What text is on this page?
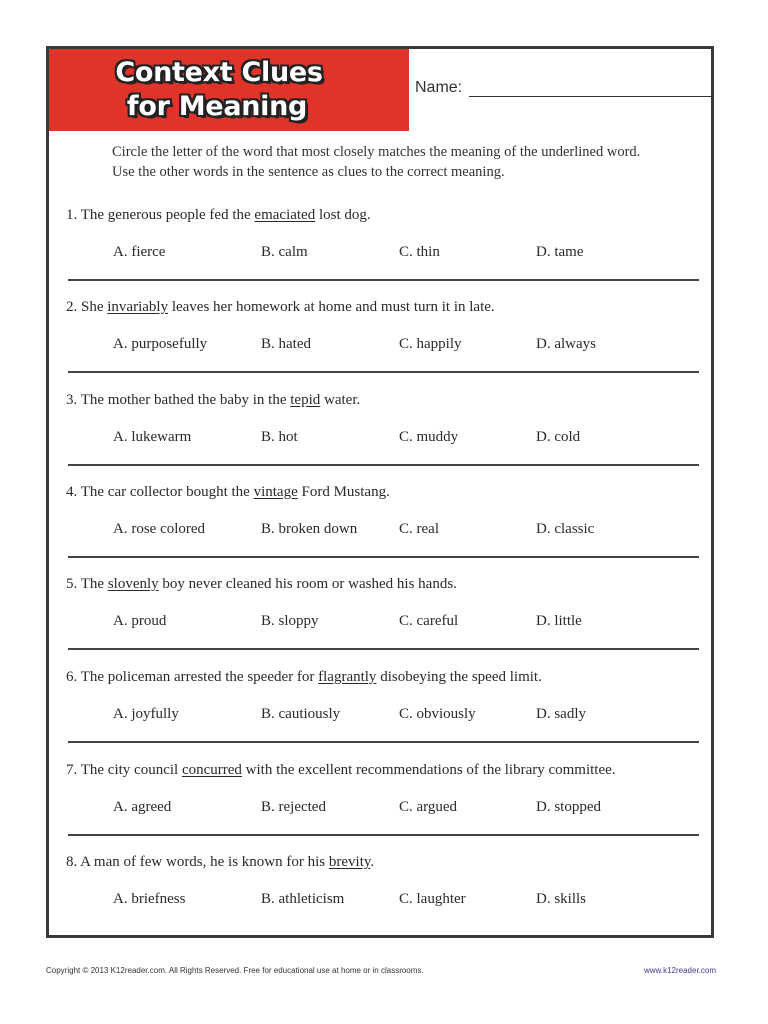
Context Clues
for Meaning
Name:
Circle the letter of the word that most closely matches the meaning of the underlined word.
Use the other words in the sentence as clues to the correct meaning.
1. The generous people fed the emaciated lost dog.
A. fierce	B. calm	C. thin	D. tame
2. She invariably leaves her homework at home and must turn it in late.
A. purposefully	B. hated	C. happily	D. always
3. The mother bathed the baby in the tepid water.
A. lukewarm	B. hot	C. muddy	D. cold
4. The car collector bought the vintage Ford Mustang.
A. rose colored	B. broken down	C. real	D. classic
5. The slovenly boy never cleaned his room or washed his hands.
A. proud	B. sloppy	C. careful	D. little
6. The policeman arrested the speeder for flagrantly disobeying the speed limit.
A. joyfully	B. cautiously	C. obviously	D. sadly
7. The city council concurred with the excellent recommendations of the library committee.
A. agreed	B. rejected	C. argued	D. stopped
8. A man of few words, he is known for his brevity.
A. briefness	B. athleticism	C. laughter	D. skills
Copyright © 2013 K12reader.com. All Rights Reserved. Free for educational use at home or in classrooms.	www.k12reader.com
